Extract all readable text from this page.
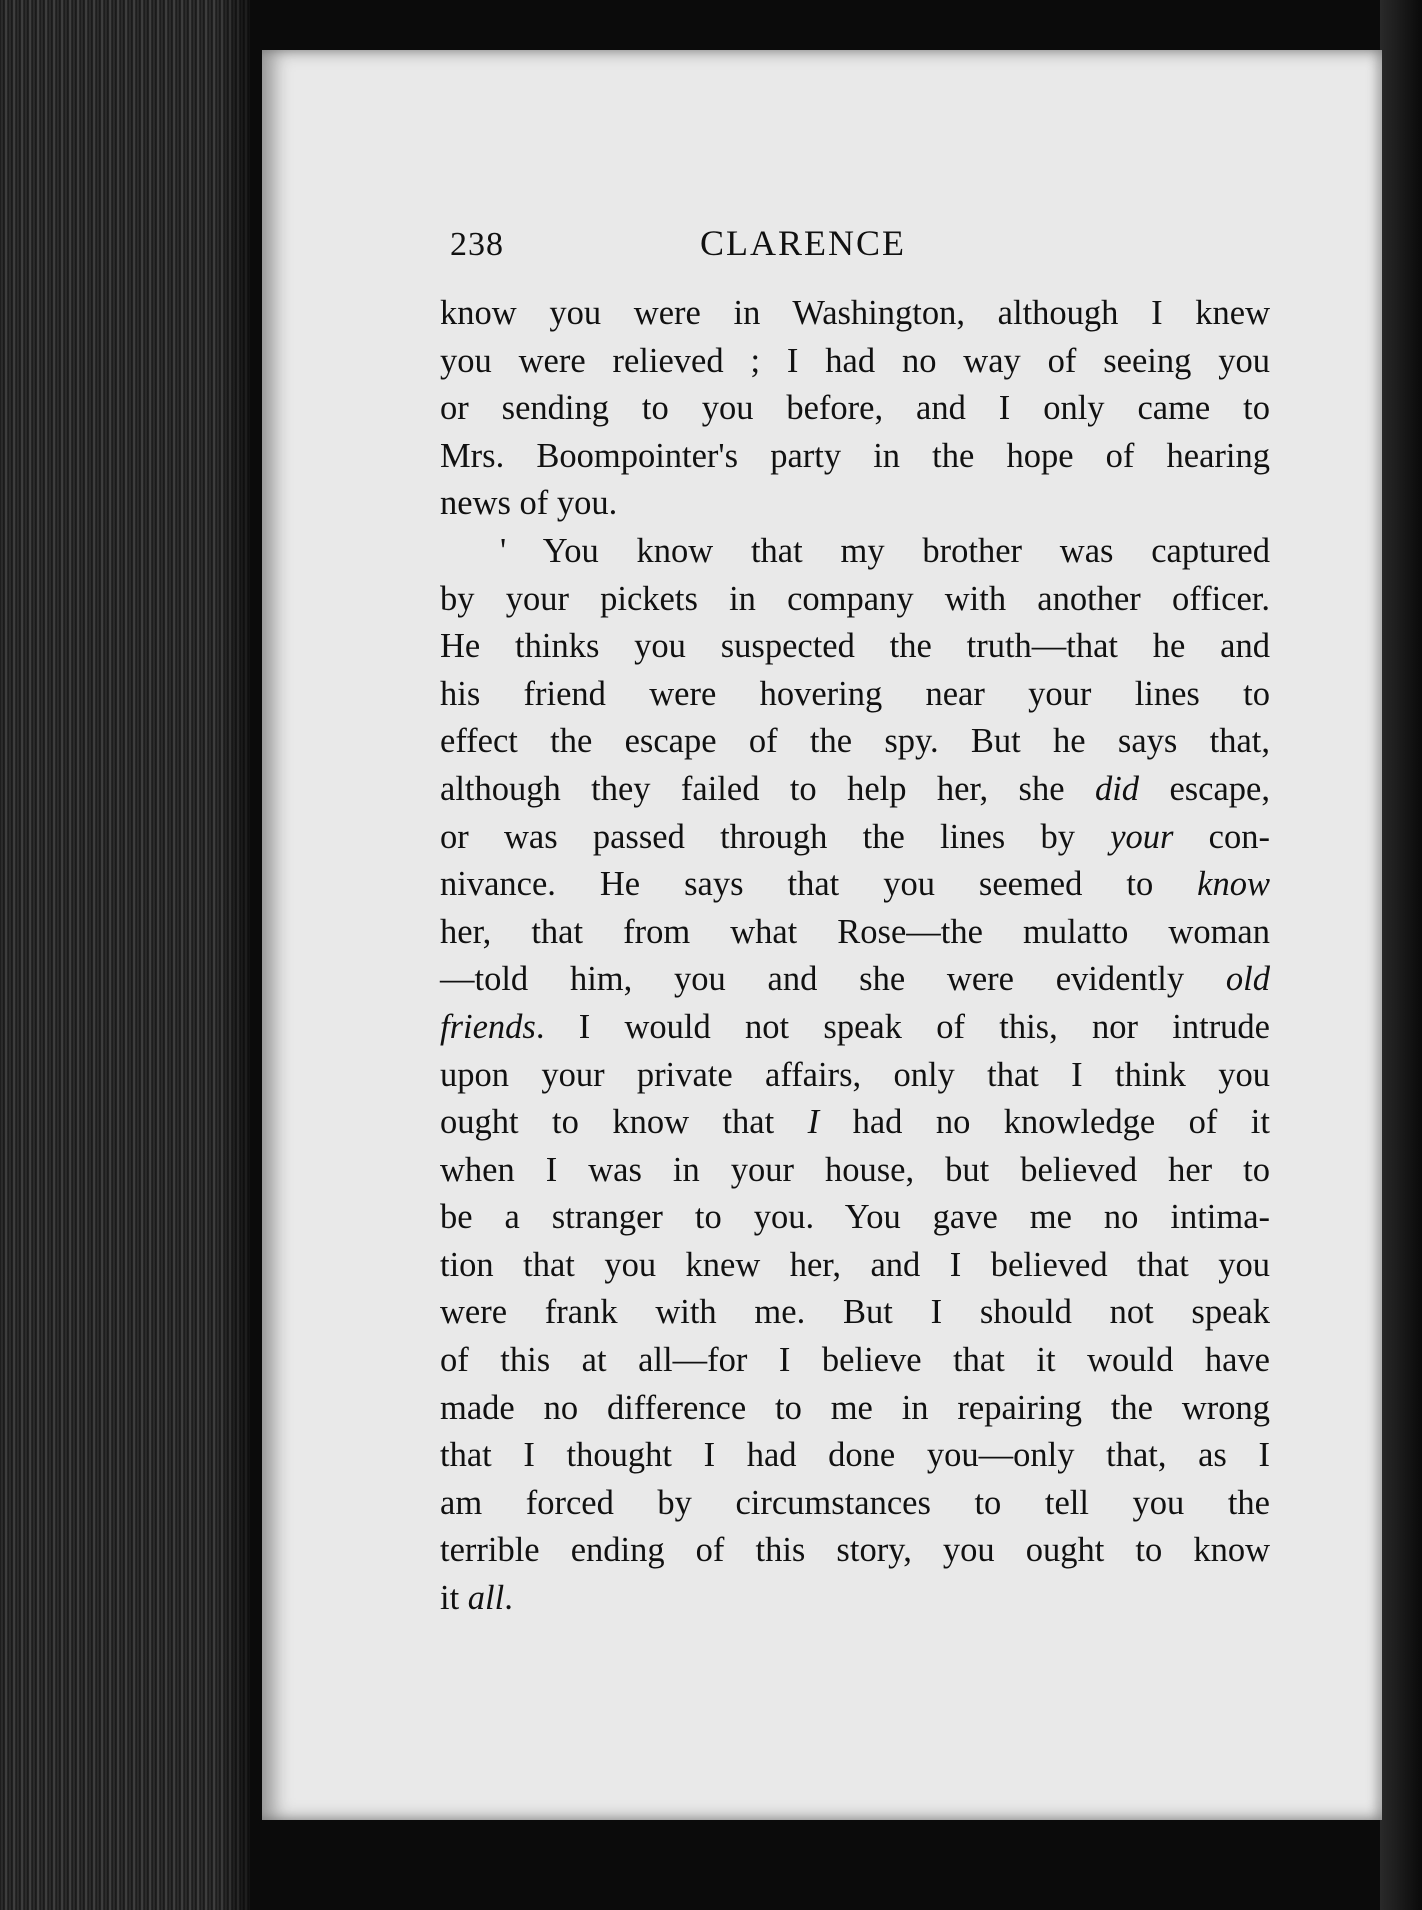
238	CLARENCE
know you were in Washington, although I knew
you were relieved ; I had no way of seeing you
or sending to you before, and I only came to
Mrs. Boompointer's party in the hope of hearing
news of you.
' You know that my brother was captured
by your pickets in company with another officer.
He thinks you suspected the truth—that he and
his friend were hovering near your lines to
effect the escape of the spy. But he says that,
although they failed to help her, she did escape,
or was passed through the lines by your con-
nivance. He says that you seemed to know
her, that from what Rose—the mulatto woman
—told him, you and she were evidently old
friends. I would not speak of this, nor intrude
upon your private affairs, only that I think you
ought to know that I had no knowledge of it
when I was in your house, but believed her to
be a stranger to you. You gave me no intima-
tion that you knew her, and I believed that you
were frank with me. But I should not speak
of this at all—for I believe that it would have
made no difference to me in repairing the wrong
that I thought I had done you—only that, as I
am forced by circumstances to tell you the
terrible ending of this story, you ought to know
it all.
